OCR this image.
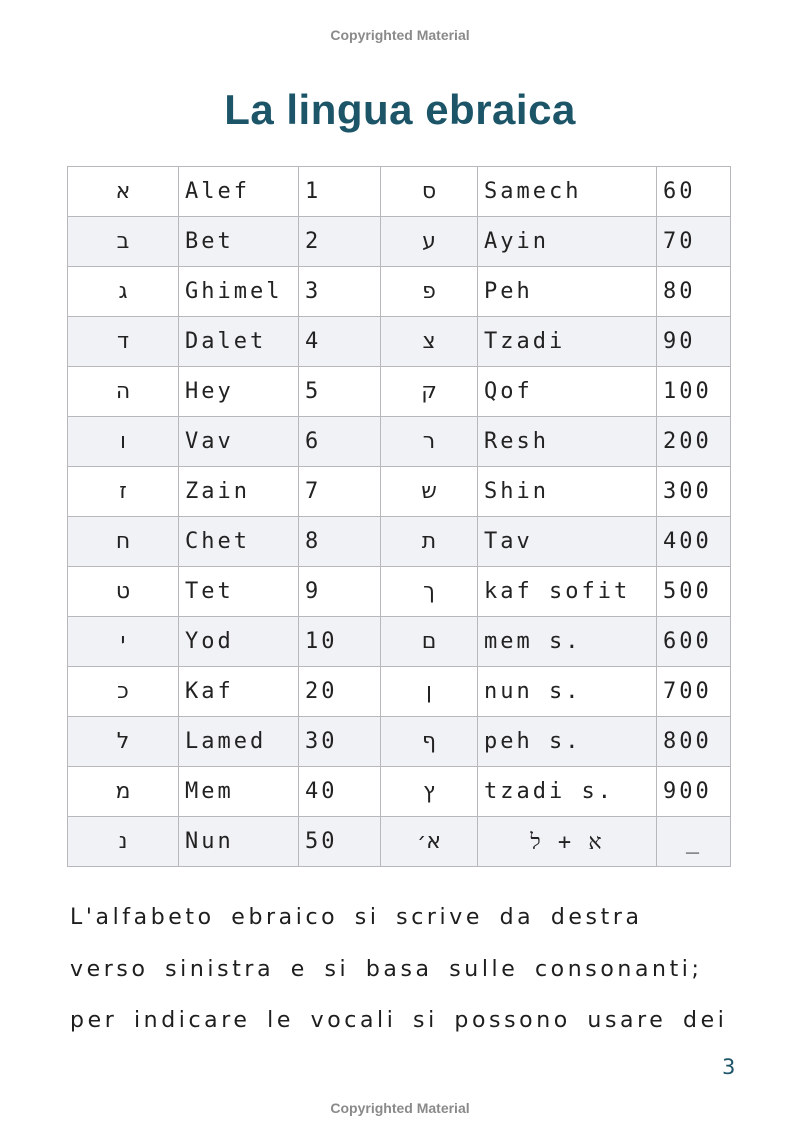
Copyrighted Material
La lingua ebraica
א	Alef	1	ס	Samech	60
ב	Bet	2	ע	Ayin	70
ג	Ghimel	3	פ	Peh	80
ד	Dalet	4	צ	Tzadi	90
ה	Hey	5	ק	Qof	100
ו	Vav	6	ר	Resh	200
ז	Zain	7	ש	Shin	300
ח	Chet	8	ת	Tav	400
ט	Tet	9	ך	kaf sofit	500
י	Yod	10	ם	mem s.	600
כ	Kaf	20	ן	nun s.	700
ל	Lamed	30	ף	peh s.	800
מ	Mem	40	ץ	tzadi s.	900
נ	Nun	50	א׳	א + ל	_
L'alfabeto ebraico si scrive da destra
verso sinistra e si basa sulle consonanti;
per indicare le vocali si possono usare dei
3
Copyrighted Material
